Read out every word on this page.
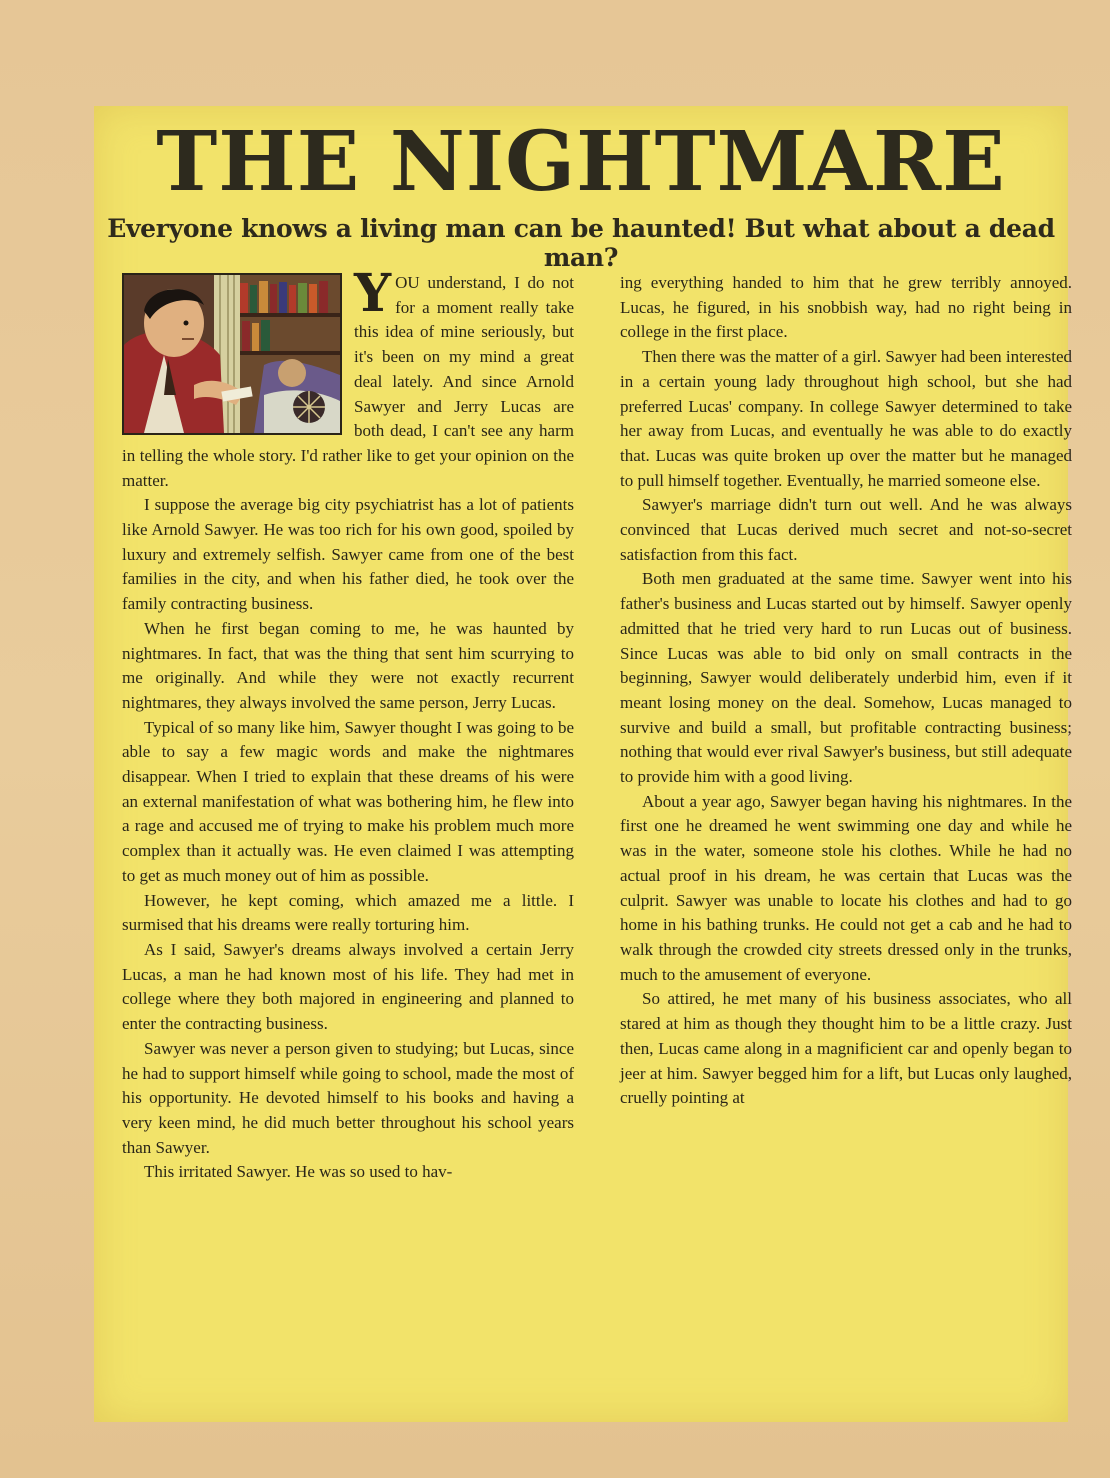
THE NIGHTMARE
Everyone knows a living man can be haunted! But what about a dead man?
Y OU understand, I do not for a moment really take this idea of mine seriously, but it's been on my mind a great deal lately. And since Arnold Sawyer and Jerry Lucas are both dead, I can't see any harm in telling the whole story. I'd rather like to get your opinion on the matter.

I suppose the average big city psychiatrist has a lot of patients like Arnold Sawyer. He was too rich for his own good, spoiled by luxury and extremely selfish. Sawyer came from one of the best families in the city, and when his father died, he took over the family contracting business.

When he first began coming to me, he was haunted by nightmares. In fact, that was the thing that sent him scurrying to me originally. And while they were not exactly recurrent nightmares, they always involved the same person, Jerry Lucas.

Typical of so many like him, Sawyer thought I was going to be able to say a few magic words and make the nightmares disappear. When I tried to explain that these dreams of his were an external manifestation of what was bothering him, he flew into a rage and accused me of trying to make his problem much more complex than it actually was. He even claimed I was attempting to get as much money out of him as possible.

However, he kept coming, which amazed me a little. I surmised that his dreams were really torturing him.

As I said, Sawyer's dreams always involved a certain Jerry Lucas, a man he had known most of his life. They had met in college where they both majored in engineering and planned to enter the contracting business.

Sawyer was never a person given to studying; but Lucas, since he had to support himself while going to school, made the most of his opportunity. He devoted himself to his books and having a very keen mind, he did much better throughout his school years than Sawyer.

This irritated Sawyer. He was so used to hav-

ing everything handed to him that he grew terribly annoyed. Lucas, he figured, in his snobbish way, had no right being in college in the first place.

Then there was the matter of a girl. Sawyer had been interested in a certain young lady throughout high school, but she had preferred Lucas' company. In college Sawyer determined to take her away from Lucas, and eventually he was able to do exactly that. Lucas was quite broken up over the matter but he managed to pull himself together. Eventually, he married someone else.

Sawyer's marriage didn't turn out well. And he was always convinced that Lucas derived much secret and not-so-secret satisfaction from this fact.

Both men graduated at the same time. Sawyer went into his father's business and Lucas started out by himself. Sawyer openly admitted that he tried very hard to run Lucas out of business. Since Lucas was able to bid only on small contracts in the beginning, Sawyer would deliberately underbid him, even if it meant losing money on the deal. Somehow, Lucas managed to survive and build a small, but profitable contracting business; nothing that would ever rival Sawyer's business, but still adequate to provide him with a good living.

About a year ago, Sawyer began having his nightmares. In the first one he dreamed he went swimming one day and while he was in the water, someone stole his clothes. While he had no actual proof in his dream, he was certain that Lucas was the culprit. Sawyer was unable to locate his clothes and had to go home in his bathing trunks. He could not get a cab and he had to walk through the crowded city streets dressed only in the trunks, much to the amusement of everyone.

So attired, he met many of his business associates, who all stared at him as though they thought him to be a little crazy. Just then, Lucas came along in a magnificient car and openly began to jeer at him. Sawyer begged him for a lift, but Lucas only laughed, cruelly pointing at
